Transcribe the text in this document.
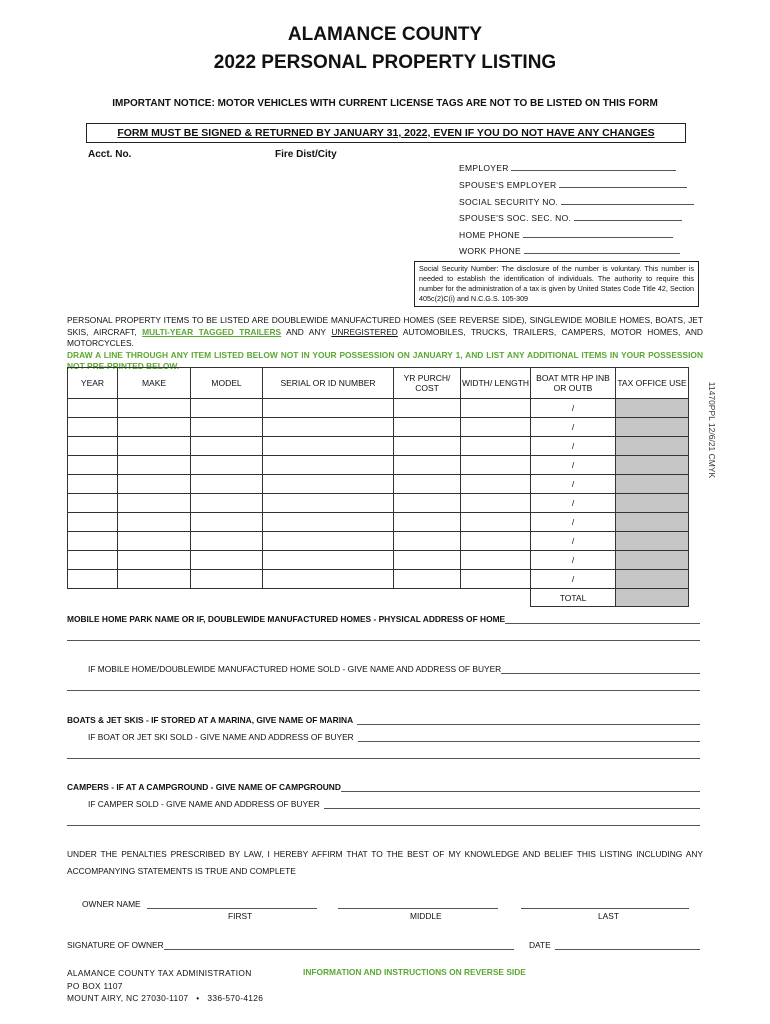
ALAMANCE COUNTY
2022 PERSONAL PROPERTY LISTING
IMPORTANT NOTICE: MOTOR VEHICLES WITH CURRENT LICENSE TAGS ARE NOT TO BE LISTED ON THIS FORM
FORM MUST BE SIGNED & RETURNED BY JANUARY 31, 2022, EVEN IF YOU DO NOT HAVE ANY CHANGES
Acct. No.	Fire Dist/City
EMPLOYER
SPOUSE'S EMPLOYER
SOCIAL SECURITY NO.
SPOUSE'S SOC. SEC. NO.
HOME PHONE
WORK PHONE
Social Security Number: The disclosure of the number is voluntary. This number is needed to establish the identification of individuals. The authority to require this number for the administration of a tax is given by United States Code Title 42, Section 405c(2)C(i) and N.C.G.S. 105-309
PERSONAL PROPERTY ITEMS TO BE LISTED ARE DOUBLEWIDE MANUFACTURED HOMES (SEE REVERSE SIDE), SINGLEWIDE MOBILE HOMES, BOATS, JET SKIS, AIRCRAFT, MULTI-YEAR TAGGED TRAILERS AND ANY UNREGISTERED AUTOMOBILES, TRUCKS, TRAILERS, CAMPERS, MOTOR HOMES, AND MOTORCYCLES.
DRAW A LINE THROUGH ANY ITEM LISTED BELOW NOT IN YOUR POSSESSION ON JANUARY 1, AND LIST ANY ADDITIONAL ITEMS IN YOUR POSSESSION NOT PRE-PRINTED BELOW.
YEAR	MAKE	MODEL	SERIAL OR ID NUMBER	YR PURCH/ COST	WIDTH/ LENGTH	BOAT MTR HP INB OR OUTB	TAX OFFICE USE
						/	
						/	
						/	
						/	
						/	
						/	
						/	
						/	
						/	
						/	
						TOTAL	
11470PPL 12/6/21 CMYK
MOBILE HOME PARK NAME OR IF, DOUBLEWIDE MANUFACTURED HOMES - PHYSICAL ADDRESS OF HOME
IF MOBILE HOME/DOUBLEWIDE MANUFACTURED HOME SOLD - GIVE NAME AND ADDRESS OF BUYER
BOATS & JET SKIS - IF STORED AT A MARINA, GIVE NAME OF MARINA
IF BOAT OR JET SKI SOLD - GIVE NAME AND ADDRESS OF BUYER
CAMPERS - IF AT A CAMPGROUND - GIVE NAME OF CAMPGROUND
IF CAMPER SOLD - GIVE NAME AND ADDRESS OF BUYER
UNDER THE PENALTIES PRESCRIBED BY LAW, I HEREBY AFFIRM THAT TO THE BEST OF MY KNOWLEDGE AND BELIEF THIS LISTING INCLUDING ANY
ACCOMPANYING STATEMENTS IS TRUE AND COMPLETE
OWNER NAME
FIRST	MIDDLE	LAST
SIGNATURE OF OWNER	DATE
ALAMANCE COUNTY TAX ADMINISTRATION
PO BOX 1107
MOUNT AIRY, NC 27030-1107 • 336-570-4126
INFORMATION AND INSTRUCTIONS ON REVERSE SIDE
